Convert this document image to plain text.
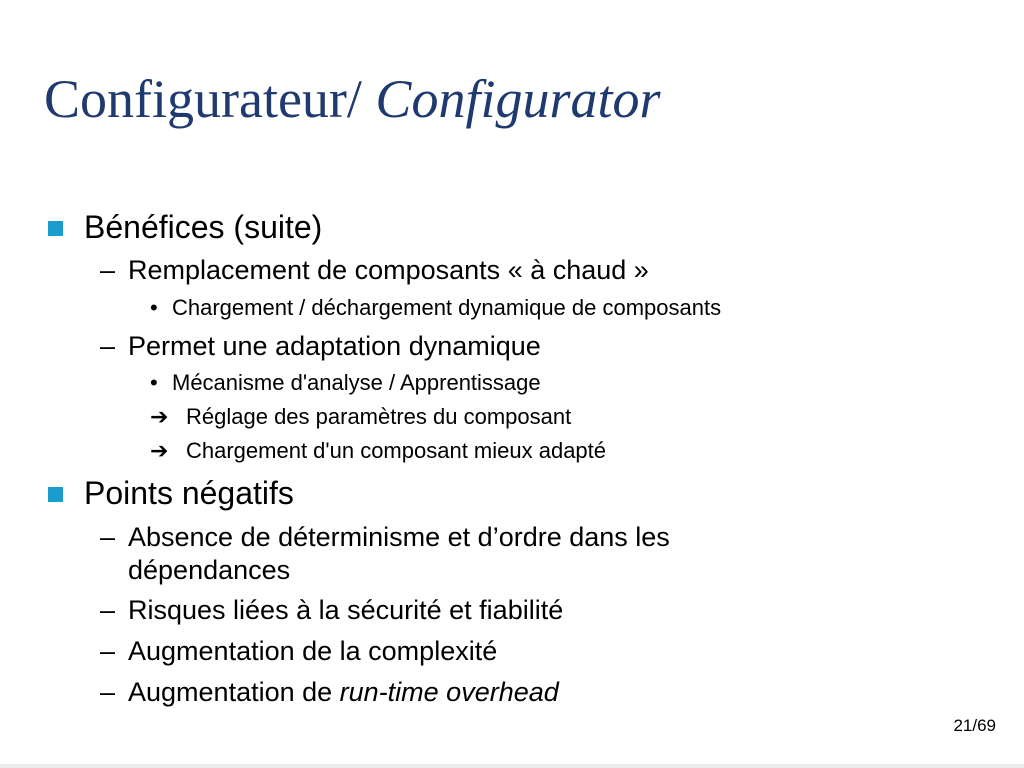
Configurateur/ Configurator
Bénéfices (suite)
– Remplacement de composants « à chaud »
• Chargement / déchargement dynamique de composants
– Permet une adaptation dynamique
• Mécanisme d'analyse / Apprentissage
➔ Réglage des paramètres du composant
➔ Chargement d'un composant mieux adapté
Points négatifs
– Absence de déterminisme et d’ordre dans les
dépendances
– Risques liées à la sécurité et fiabilité
– Augmentation de la complexité
– Augmentation de run-time overhead
21/69
